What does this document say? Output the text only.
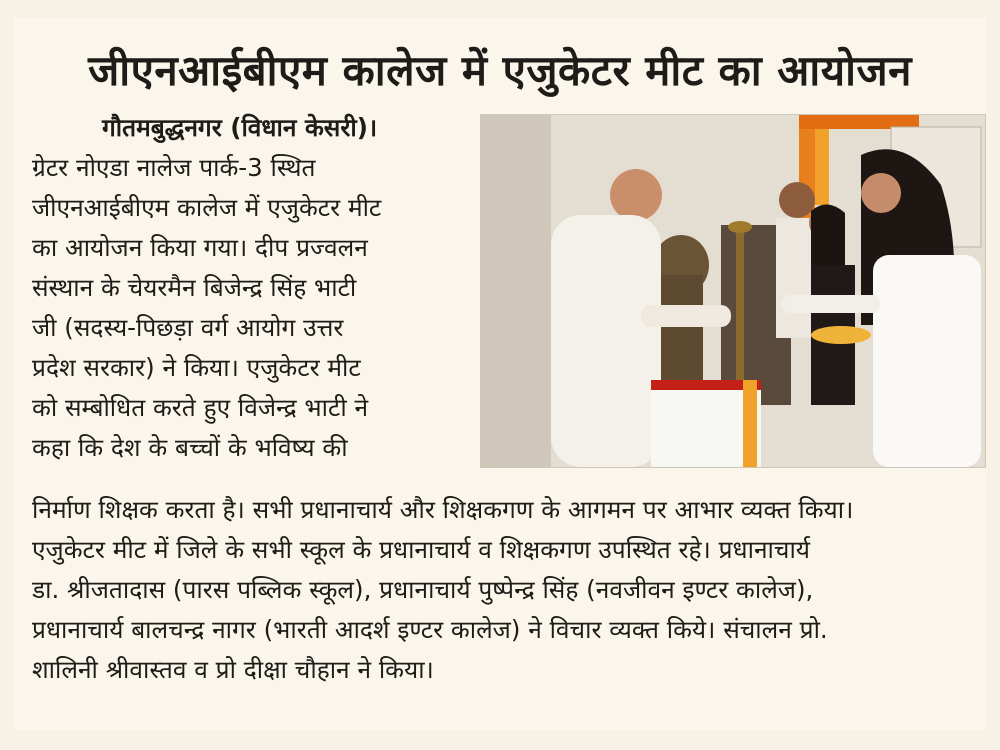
जीएनआईबीएम कालेज में एजुकेटर मीट का आयोजन
गौतमबुद्धनगर (विधान केसरी)।
ग्रेटर नोएडा नालेज पार्क-3 स्थित
जीएनआईबीएम कालेज में एजुकेटर मीट
का आयोजन किया गया। दीप प्रज्वलन
संस्थान के चेयरमैन बिजेन्द्र सिंह भाटी
जी (सदस्य-पिछड़ा वर्ग आयोग उत्तर
प्रदेश सरकार) ने किया। एजुकेटर मीट
को सम्बोधित करते हुए विजेन्द्र भाटी ने
कहा कि देश के बच्चों के भविष्य की
निर्माण शिक्षक करता है। सभी प्रधानाचार्य और शिक्षकगण के आगमन पर आभार व्यक्त किया।
एजुकेटर मीट में जिले के सभी स्कूल के प्रधानाचार्य व शिक्षकगण उपस्थित रहे। प्रधानाचार्य
डा. श्रीजतादास (पारस पब्लिक स्कूल), प्रधानाचार्य पुष्पेन्द्र सिंह (नवजीवन इण्टर कालेज),
प्रधानाचार्य बालचन्द्र नागर (भारती आदर्श इण्टर कालेज) ने विचार व्यक्त किये। संचालन प्रो.
शालिनी श्रीवास्तव व प्रो दीक्षा चौहान ने किया।
